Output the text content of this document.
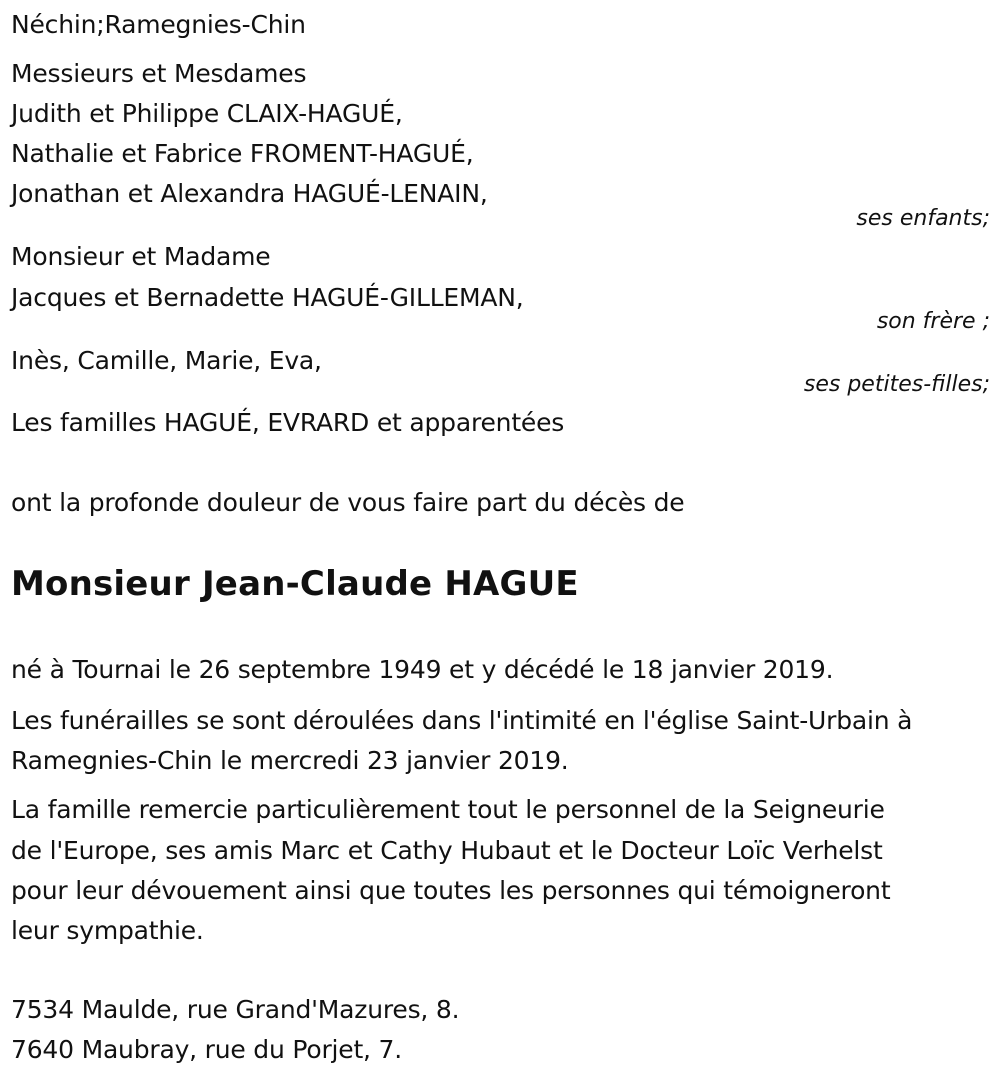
Néchin;Ramegnies-Chin
Messieurs et Mesdames
Judith et Philippe CLAIX-HAGUÉ,
Nathalie et Fabrice FROMENT-HAGUÉ,
Jonathan et Alexandra HAGUÉ-LENAIN,
ses enfants;
Monsieur et Madame
Jacques et Bernadette HAGUÉ-GILLEMAN,
son frère ;
Inès, Camille, Marie, Eva,
ses petites-filles;
Les familles HAGUÉ, EVRARD et apparentées
ont la profonde douleur de vous faire part du décès de
Monsieur Jean-Claude HAGUE
né à Tournai le 26 septembre 1949 et y décédé le 18 janvier 2019.
Les funérailles se sont déroulées dans l'intimité en l'église Saint-Urbain à
Ramegnies-Chin le mercredi 23 janvier 2019.
La famille remercie particulièrement tout le personnel de la Seigneurie
de l'Europe, ses amis Marc et Cathy Hubaut et le Docteur Loïc Verhelst
pour leur dévouement ainsi que toutes les personnes qui témoigneront
leur sympathie.
7534 Maulde, rue Grand'Mazures, 8.
7640 Maubray, rue du Porjet, 7.
